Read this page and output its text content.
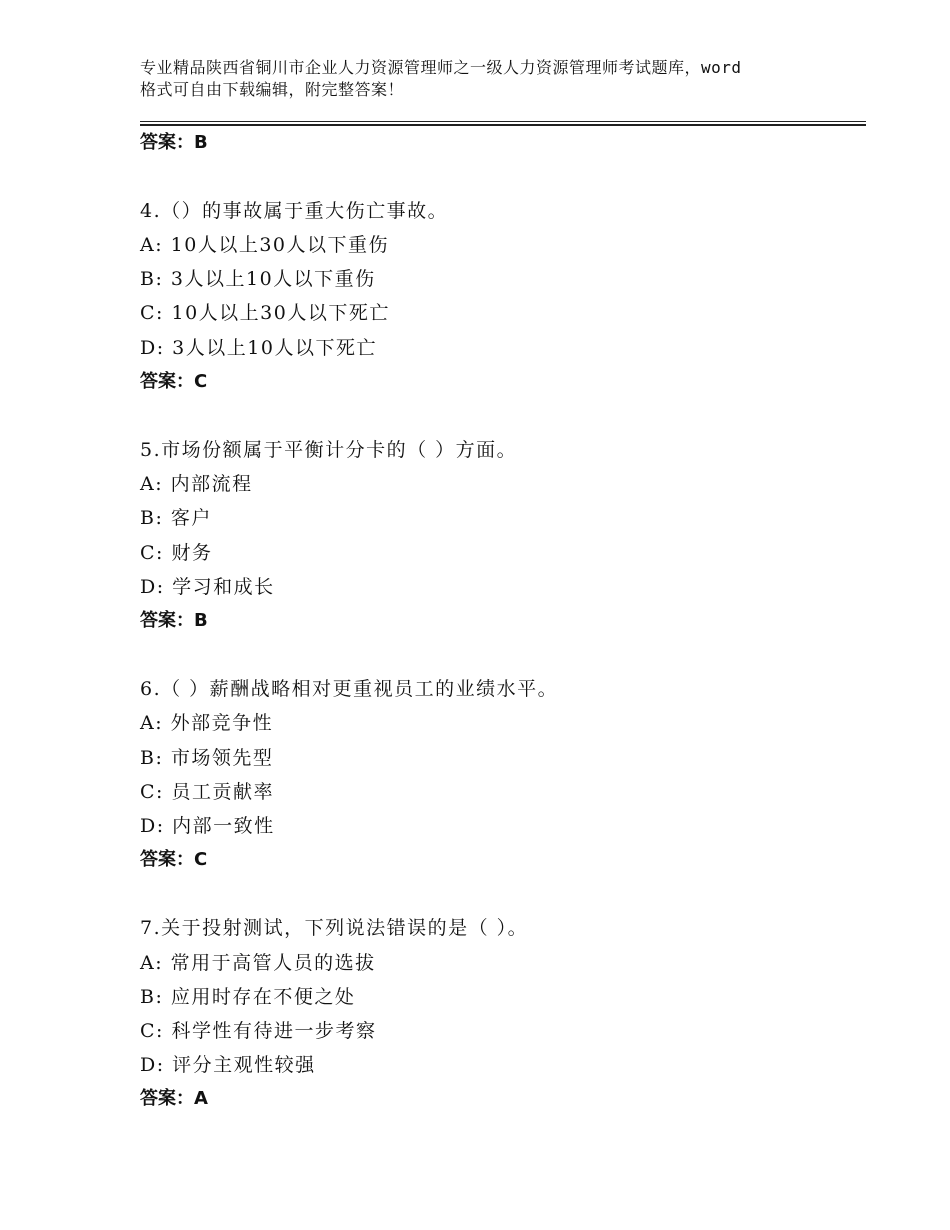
专业精品陕西省铜川市企业人力资源管理师之一级人力资源管理师考试题库，word
格式可自由下载编辑，附完整答案！
答案：B
4.（）的事故属于重大伤亡事故。
A: 10人以上30人以下重伤
B: 3人以上10人以下重伤
C: 10人以上30人以下死亡
D: 3人以上10人以下死亡
答案：C
5.市场份额属于平衡计分卡的（ ）方面。
A: 内部流程
B: 客户
C: 财务
D: 学习和成长
答案：B
6.（ ）薪酬战略相对更重视员工的业绩水平。
A: 外部竞争性
B: 市场领先型
C: 员工贡献率
D: 内部一致性
答案：C
7.关于投射测试，下列说法错误的是（ ）。
A: 常用于高管人员的选拔
B: 应用时存在不便之处
C: 科学性有待进一步考察
D: 评分主观性较强
答案：A
